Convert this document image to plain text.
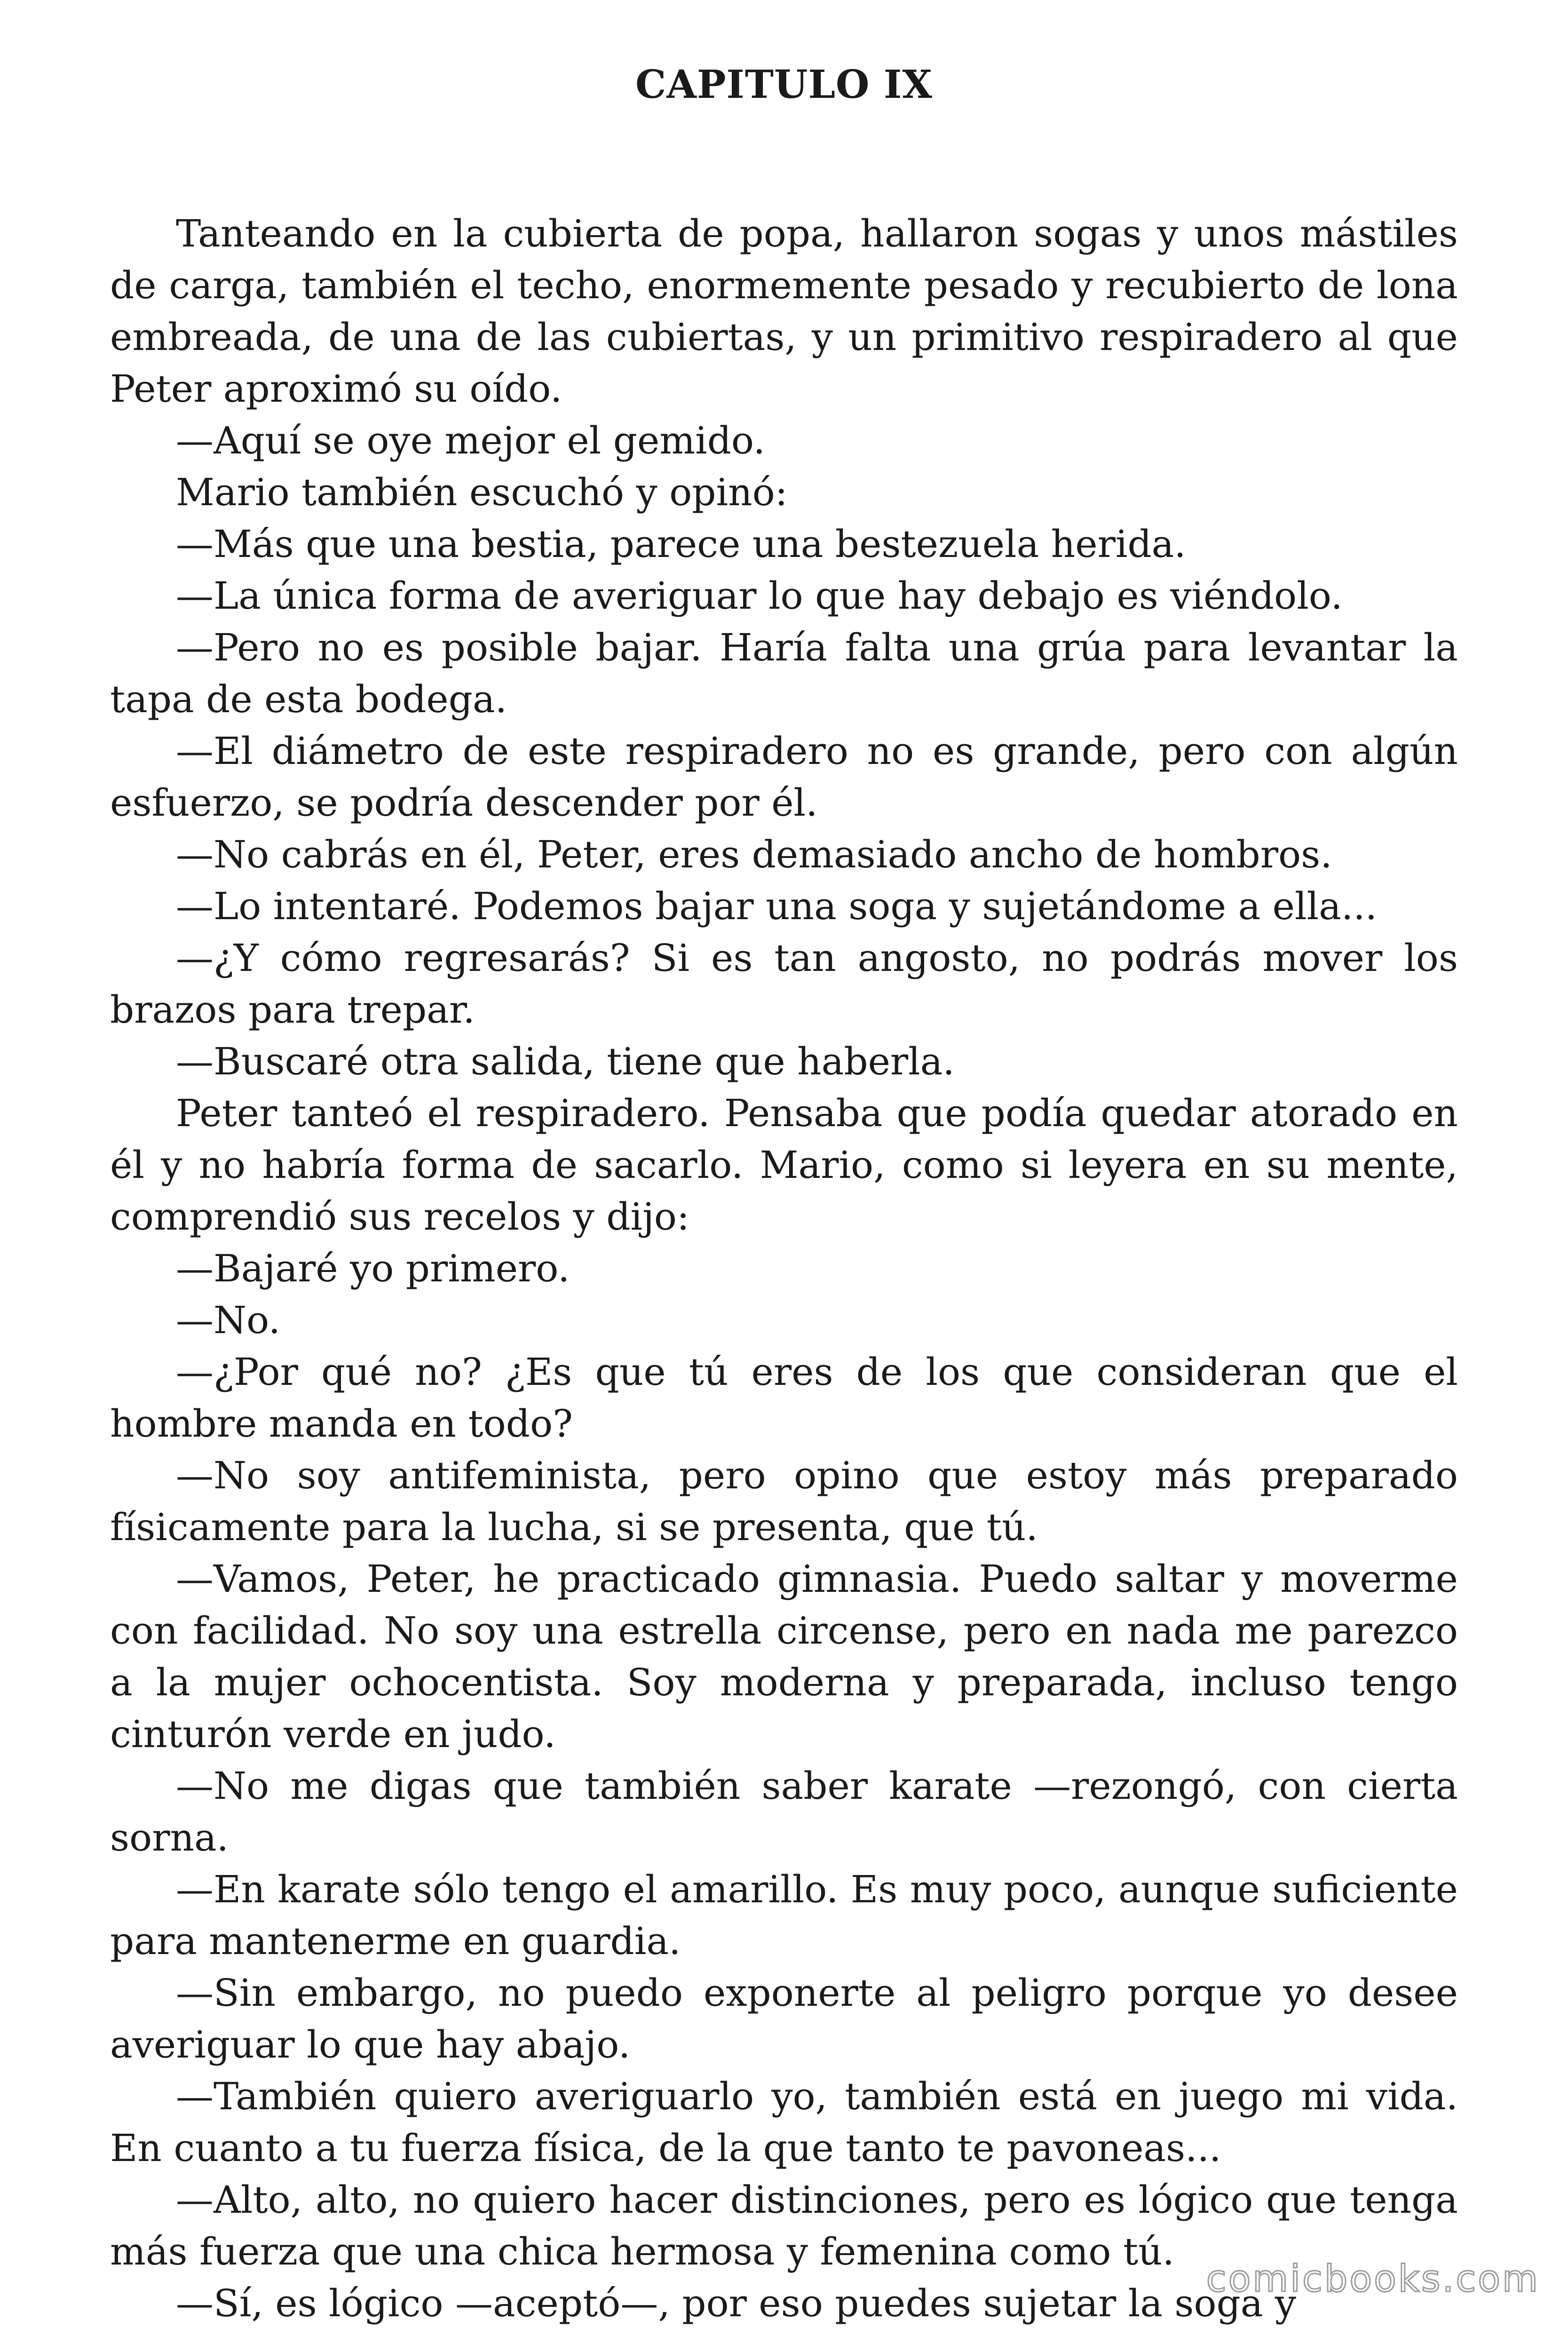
CAPITULO IX

Tanteando en la cubierta de popa, hallaron sogas y unos mástiles de carga, también el techo, enormemente pesado y recubierto de lona embreada, de una de las cubiertas, y un primitivo respiradero al que Peter aproximó su oído.

—Aquí se oye mejor el gemido.

Mario también escuchó y opinó:

—Más que una bestia, parece una bestezuela herida.

—La única forma de averiguar lo que hay debajo es viéndolo.

—Pero no es posible bajar. Haría falta una grúa para levantar la tapa de esta bodega.

—El diámetro de este respiradero no es grande, pero con algún esfuerzo, se podría descender por él.

—No cabrás en él, Peter, eres demasiado ancho de hombros.

—Lo intentaré. Podemos bajar una soga y sujetándome a ella...

—¿Y cómo regresarás? Si es tan angosto, no podrás mover los brazos para trepar.

—Buscaré otra salida, tiene que haberla.

Peter tanteó el respiradero. Pensaba que podía quedar atorado en él y no habría forma de sacarlo. Mario, como si leyera en su mente, comprendió sus recelos y dijo:

—Bajaré yo primero.

—No.

—¿Por qué no? ¿Es que tú eres de los que consideran que el hombre manda en todo?

—No soy antifeminista, pero opino que estoy más preparado físicamente para la lucha, si se presenta, que tú.

—Vamos, Peter, he practicado gimnasia. Puedo saltar y moverme con facilidad. No soy una estrella circense, pero en nada me parezco a la mujer ochocentista. Soy moderna y preparada, incluso tengo cinturón verde en judo.

—No me digas que también saber karate —rezongó, con cierta sorna.

—En karate sólo tengo el amarillo. Es muy poco, aunque suficiente para mantenerme en guardia.

—Sin embargo, no puedo exponerte al peligro porque yo desee averiguar lo que hay abajo.

—También quiero averiguarlo yo, también está en juego mi vida. En cuanto a tu fuerza física, de la que tanto te pavoneas...

—Alto, alto, no quiero hacer distinciones, pero es lógico que tenga más fuerza que una chica hermosa y femenina como tú.

—Sí, es lógico —aceptó—, por eso puedes sujetar la soga y

comicbooks.com
